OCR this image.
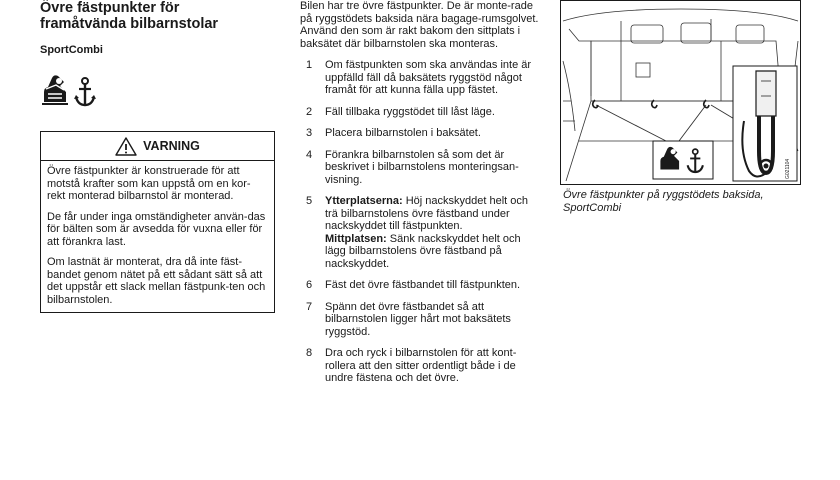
Övre fästpunkter för
framåtvända bilbarnstolar
SportCombi
VARNING

Övre fästpunkter är konstruerade för att motstå krafter som kan uppstå om en kor-rekt monterad bilbarnstol är monterad.

De får under inga omständigheter använ-das för bälten som är avsedda för vuxna eller för att förankra last.

Om lastnät är monterat, dra då inte fäst-bandet genom nätet på ett sådant sätt så att det uppstår ett slack mellan fästpunk-ten och bilbarnstolen.

Bilen har tre övre fästpunkter. De är monte-rade på ryggstödets baksida nära bagage-rumsgolvet. Använd den som är rakt bakom den sittplats i baksätet där bilbarnstolen ska monteras.

1	Om fästpunkten som ska användas inte är uppfälld fäll då baksätets ryggstöd något framåt för att kunna fälla upp fästet.
2	Fäll tillbaka ryggstödet till låst läge.
3	Placera bilbarnstolen i baksätet.
4	Förankra bilbarnstolen så som det är beskrivet i bilbarnstolens monteringsan-visning.
5	Ytterplatserna: Höj nackskyddet helt och trä bilbarnstolens övre fästband under nackskyddet till fästpunkten.
Mittplatsen: Sänk nackskyddet helt och lägg bilbarnstolens övre fästband på nackskyddet.
6	Fäst det övre fästbandet till fästpunkten.
7	Spänn det övre fästbandet så att bilbarnstolen ligger hårt mot baksätets ryggstöd.
8	Dra och ryck i bilbarnstolen för att kont-rollera att den sitter ordentligt både i de undre fästena och det övre.
G021104
Övre fästpunkter på ryggstödets baksida,
SportCombi
